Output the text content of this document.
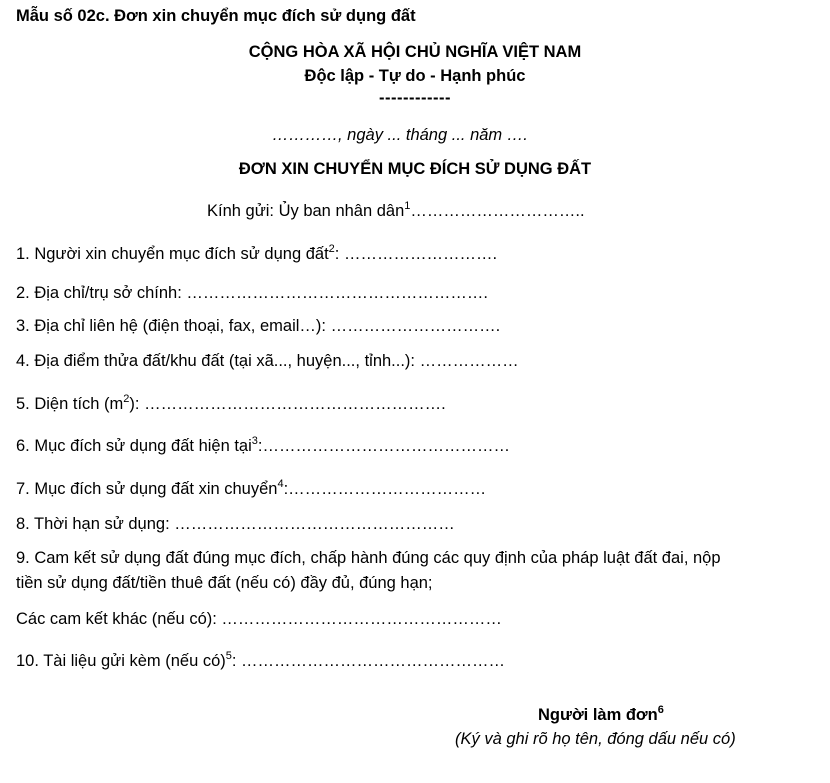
Mẫu số 02c. Đơn xin chuyển mục đích sử dụng đất
CỘNG HÒA XÃ HỘI CHỦ NGHĨA VIỆT NAM
Độc lập - Tự do - Hạnh phúc
------------
…………, ngày ... tháng ... năm ….
ĐƠN XIN CHUYỂN MỤC ĐÍCH SỬ DỤNG ĐẤT
Kính gửi: Ủy ban nhân dân$^1$…………………………..
1. Người xin chuyển mục đích sử dụng đất$^2$: ……………………….
2. Địa chỉ/trụ sở chính: ……………………………………………….
3. Địa chỉ liên hệ (điện thoại, fax, email…): ………………………….
4. Địa điểm thửa đất/khu đất (tại xã..., huyện..., tỉnh...): ………………
5. Diện tích $(m^2)$: ……………………………………………….
6. Mục đích sử dụng đất hiện tại$^3$:………………………………………
7. Mục đích sử dụng đất xin chuyển$^4$:………………………………
8. Thời hạn sử dụng: ……………………………………………
9. Cam kết sử dụng đất đúng mục đích, chấp hành đúng các quy định của pháp luật đất đai, nộp
tiền sử dụng đất/tiền thuê đất (nếu có) đầy đủ, đúng hạn;
Các cam kết khác (nếu có): ……………………………………………
10. Tài liệu gửi kèm (nếu có)$^5$: …………………………………………
Người làm đơn$^6$
(Ký và ghi rõ họ tên, đóng dấu nếu có)
